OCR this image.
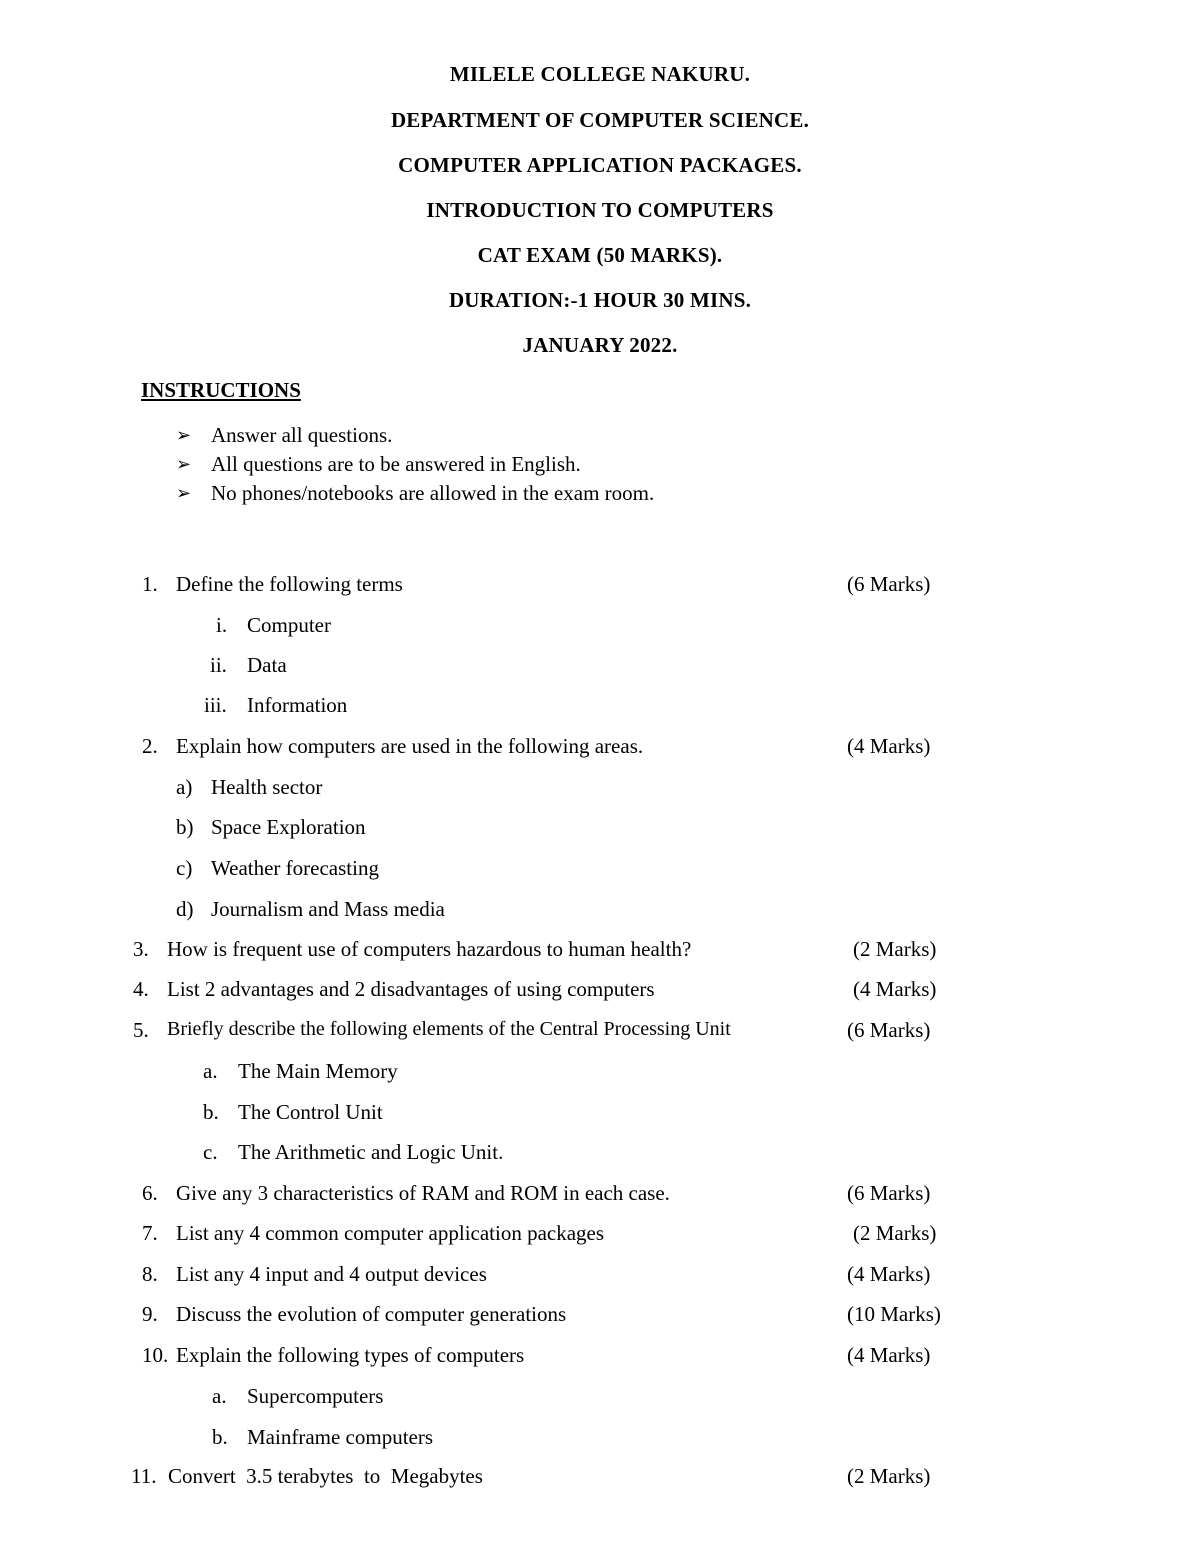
MILELE COLLEGE NAKURU.
DEPARTMENT OF COMPUTER SCIENCE.
COMPUTER APPLICATION PACKAGES.
INTRODUCTION TO COMPUTERS
CAT EXAM (50 MARKS).
DURATION:-1 HOUR 30 MINS.
JANUARY 2022.
INSTRUCTIONS
➢ Answer all questions.
➢ All questions are to be answered in English.
➢ No phones/notebooks are allowed in the exam room.
1. Define the following terms	(6 Marks)
i. Computer
ii. Data
iii. Information
2. Explain how computers are used in the following areas.	(4 Marks)
a) Health sector
b) Space Exploration
c) Weather forecasting
d) Journalism and Mass media
3. How is frequent use of computers hazardous to human health?	(2 Marks)
4. List 2 advantages and 2 disadvantages of using computers	(4 Marks)
5. Briefly describe the following elements of the Central Processing Unit	(6 Marks)
a. The Main Memory
b. The Control Unit
c. The Arithmetic and Logic Unit.
6. Give any 3 characteristics of RAM and ROM in each case.	(6 Marks)
7. List any 4 common computer application packages	(2 Marks)
8. List any 4 input and 4 output devices	(4 Marks)
9. Discuss the evolution of computer generations	(10 Marks)
10. Explain the following types of computers	(4 Marks)
a. Supercomputers
b. Mainframe computers
11. Convert  3.5 terabytes  to  Megabytes	(2 Marks)
